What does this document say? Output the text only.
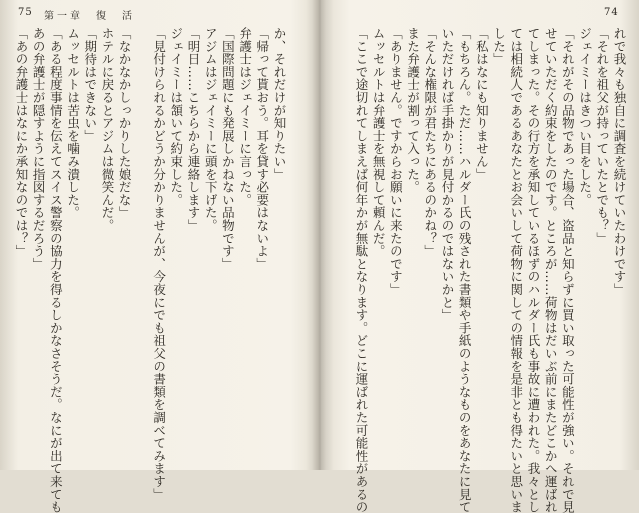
75 第一章　復　活
か、それだけが知りたい」
「帰って貰おう。耳を貸す必要はないよ」
弁護士はジェイミーに言った。
「国際問題にも発展しかねない品物です」
アジムはジェイミーに頭を下げた。
「明日……こちらから連絡します」
ジェイミーは頷いて約束した。
「見付けられるかどうか分かりませんが、今夜にでも祖父の書類を調べてみます」

「なかなかしっかりした娘だな」
ホテルに戻るとアジムは微笑んだ。
「期待はできない」
ムッセルトは苦虫を噛み潰した。
「ある程度事情を伝えてスイス警察の協力を得るしかなさそうだ。なにが出て来ても
あの弁護士が隠すように指図するだろう」
「あの弁護士はなにか承知なのでは？」
74
れで我々も独自に調査を続けていたわけです」
「それを祖父が持っていたとでも？」
ジェイミーはきつい目をした。
「それがその品物であった場合、盗品と知らずに買い取った可能性が強い。それで見
せていただく約束をしたのです。ところが……荷物はだいぶ前にまたどこかへ運ばれ
てしまった。その行方を承知しているほずのハルダー氏も事故に遭われた。我々とし
ては相続人であるあなたとお会いして荷物に関しての情報を是非とも得たいと思いま
した」
「私はなにも知りません」
「もちろん。ただ……ハルダー氏の残された書類や手紙のようなものをあなたに見て
いただければ手掛かりが見付かるのではないかと」
「そんな権限が君たちにあるのかね？」
また弁護士が割って入った。
「ありません。ですからお願いに来たのです」
ムッセルトは弁護士を無視して頼んだ。
「ここで途切れてしまえば何年かが無駄となります。どこに運ばれた可能性があるの
